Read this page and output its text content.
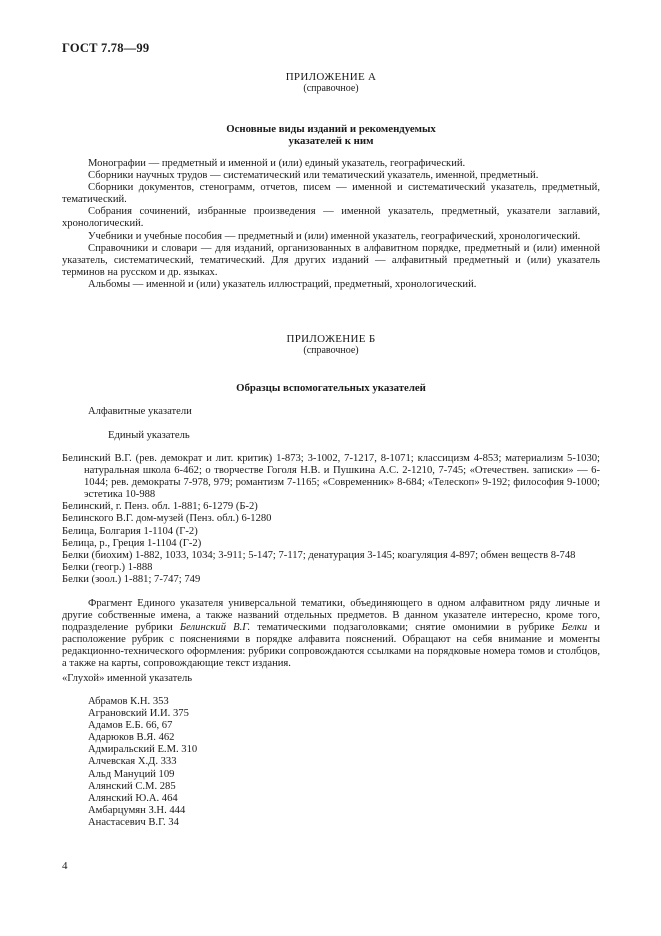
ГОСТ 7.78—99
ПРИЛОЖЕНИЕ А
(справочное)
Основные виды изданий и рекомендуемых
указателей к ним

Монографии — предметный и именной и (или) единый указатель, географический.

Сборники научных трудов — систематический или тематический указатель, именной, предметный.

Сборники документов, стенограмм, отчетов, писем — именной и систематический указатель, предметный, тематический.

Собрания сочинений, избранные произведения — именной указатель, предметный, указатели заглавий, хронологический.

Учебники и учебные пособия — предметный и (или) именной указатель, географический, хронологический.

Справочники и словари — для изданий, организованных в алфавитном порядке, предметный и (или) именной указатель, систематический, тематический. Для других изданий — алфавитный предметный и (или) указатель терминов на русском и др. языках.

Альбомы — именной и (или) указатель иллюстраций, предметный, хронологический.

ПРИЛОЖЕНИЕ Б
(справочное)
Образцы вспомогательных указателей
Алфавитные указатели
Единый указатель
Белинский В.Г. (рев. демократ и лит. критик) 1-873; 3-1002, 7-1217, 8-1071; классицизм 4-853; материализм 5-1030; натуральная школа 6-462; о творчестве Гоголя Н.В. и Пушкина А.С. 2-1210, 7-745; «Отечествен. записки» — 6-1044; рев. демократы 7-978, 979; романтизм 7-1165; «Современник» 8-684; «Телескоп» 9-192; философия 9-1000; эстетика 10-988
Белинский, г. Пенз. обл. 1-881; 6-1279 (Б-2)
Белинского В.Г. дом-музей (Пенз. обл.) 6-1280
Белица, Болгария 1-1104 (Г-2)
Белица, р., Греция 1-1104 (Г-2)
Белки (биохим) 1-882, 1033, 1034; 3-911; 5-147; 7-117; денатурация 3-145; коагуляция 4-897; обмен веществ 8-748
Белки (геогр.) 1-888
Белки (зоол.) 1-881; 7-747; 749

Фрагмент Единого указателя универсальной тематики, объединяющего в одном алфавитном ряду личные и другие собственные имена, а также названий отдельных предметов. В данном указателе интересно, кроме того, подразделение рубрики Белинский В.Г. тематическими подзаголовками; снятие омонимии в рубрике Белки и расположение рубрик с пояснениями в порядке алфавита пояснений. Обращают на себя внимание и моменты редакционно-технического оформления: рубрики сопровождаются ссылками на порядковые номера томов и столбцов, а также на карты, сопровождающие текст издания.

«Глухой» именной указатель
Абрамов К.Н. 353
Аграновский И.И. 375
Адамов Е.Б. 66, 67
Адарюков В.Я. 462
Адмиральский Е.М. 310
Алчевская Х.Д. 333
Альд Мануций 109
Алянский С.М. 285
Алянский Ю.А. 464
Амбарцумян З.Н. 444
Анастасевич В.Г. 34
4
